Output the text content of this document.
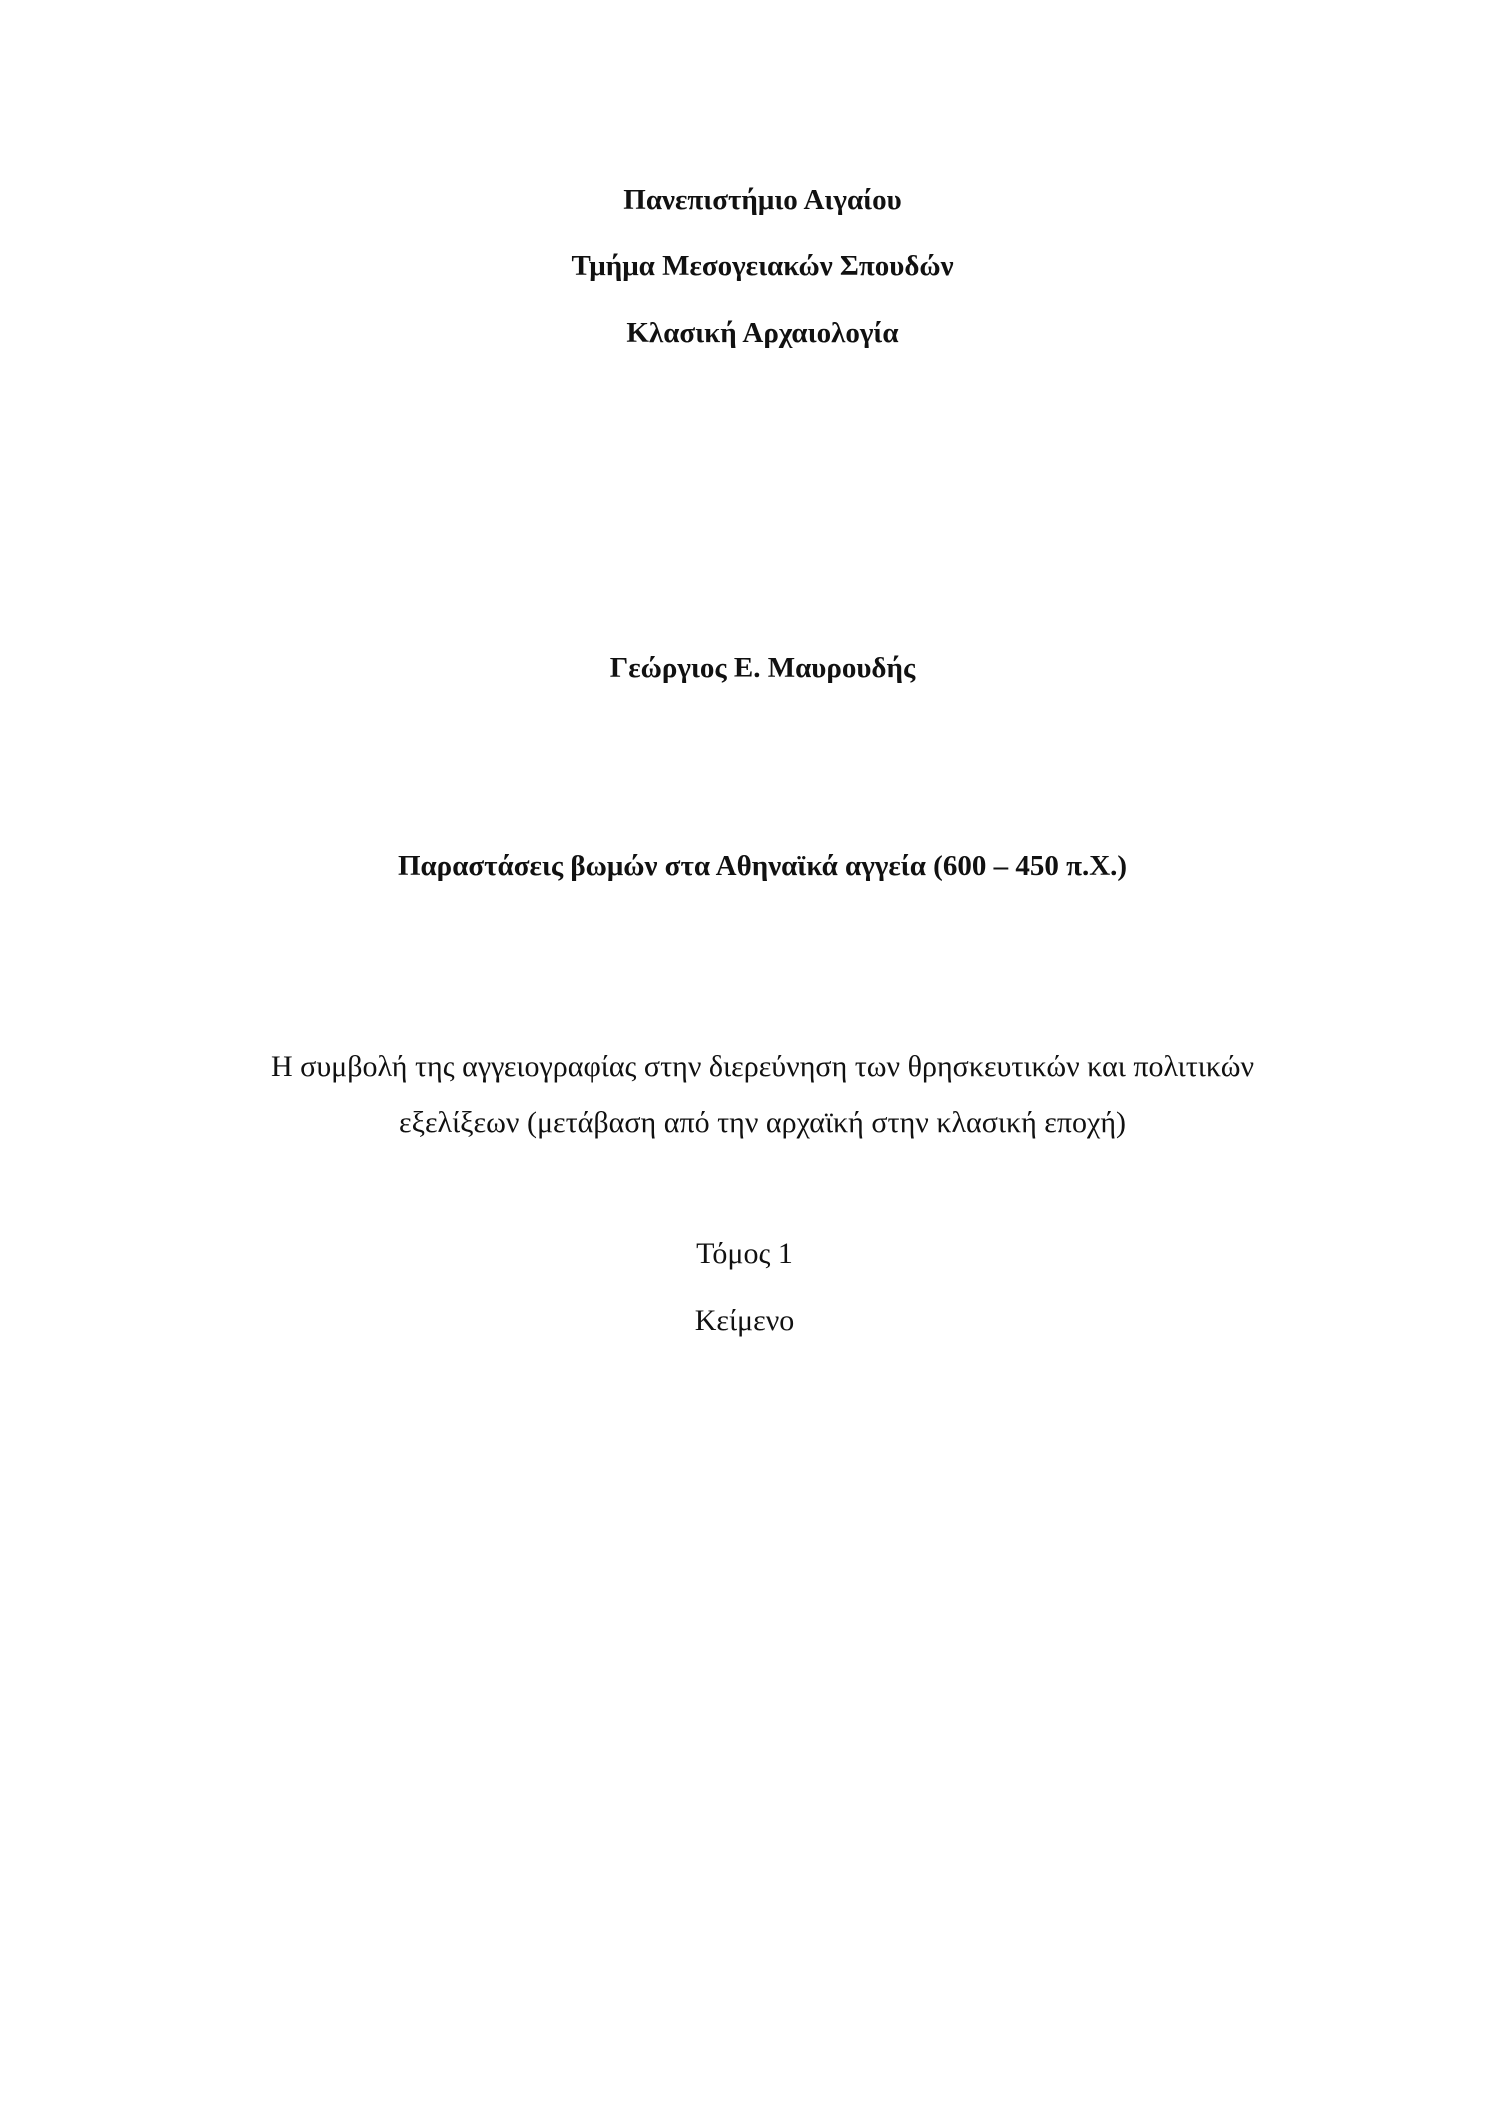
Πανεπιστήμιο Αιγαίου
Τμήμα Μεσογειακών Σπουδών
Κλασική Αρχαιολογία
Γεώργιος Ε. Μαυρουδής
Παραστάσεις βωμών στα Αθηναϊκά αγγεία (600 – 450 π.Χ.)
Η συμβολή της αγγειογραφίας στην διερεύνηση των θρησκευτικών και πολιτικών
εξελίξεων (μετάβαση από την αρχαϊκή στην κλασική εποχή)
Τόμος 1
Κείμενο
